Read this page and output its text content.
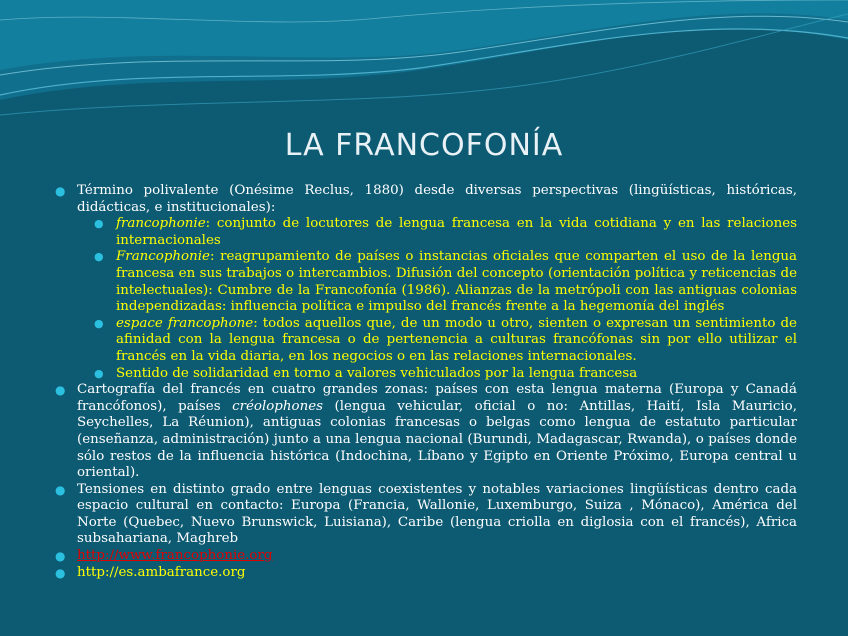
LA FRANCOFONÍA
● Término polivalente (Onésime Reclus, 1880) desde diversas perspectivas (lingüísticas, históricas, didácticas, e institucionales):
● francophonie: conjunto de locutores de lengua francesa en la vida cotidiana y en las relaciones internacionales
● Francophonie: reagrupamiento de países o instancias oficiales que comparten el uso de la lengua francesa en sus trabajos o intercambios. Difusión del concepto (orientación política y reticencias de intelectuales): Cumbre de la Francofonía (1986). Alianzas de la metrópoli con las antiguas colonias independizadas: influencia política e impulso del francés frente a la hegemonía del inglés
● espace francophone: todos aquellos que, de un modo u otro, sienten o expresan un sentimiento de afinidad con la lengua francesa o de pertenencia a culturas francófonas sin por ello utilizar el francés en la vida diaria, en los negocios o en las relaciones internacionales.
● Sentido de solidaridad en torno a valores vehiculados por la lengua francesa
● Cartografía del francés en cuatro grandes zonas: países con esta lengua materna (Europa y Canadá francófonos), países créolophones (lengua vehicular, oficial o no: Antillas, Haití, Isla Mauricio, Seychelles, La Réunion), antiguas colonias francesas o belgas como lengua de estatuto particular (enseñanza, administración) junto a una lengua nacional (Burundi, Madagascar, Rwanda), o países donde sólo restos de la influencia histórica (Indochina, Líbano y Egipto en Oriente Próximo, Europa central u oriental).
● Tensiones en distinto grado entre lenguas coexistentes y notables variaciones lingüísticas dentro cada espacio cultural en contacto: Europa (Francia, Wallonie, Luxemburgo, Suiza , Mónaco), América del Norte (Quebec, Nuevo Brunswick, Luisiana), Caribe (lengua criolla en diglosia con el francés), Africa subsahariana, Maghreb
● http://www.francophonie.org
● http://es.ambafrance.org
